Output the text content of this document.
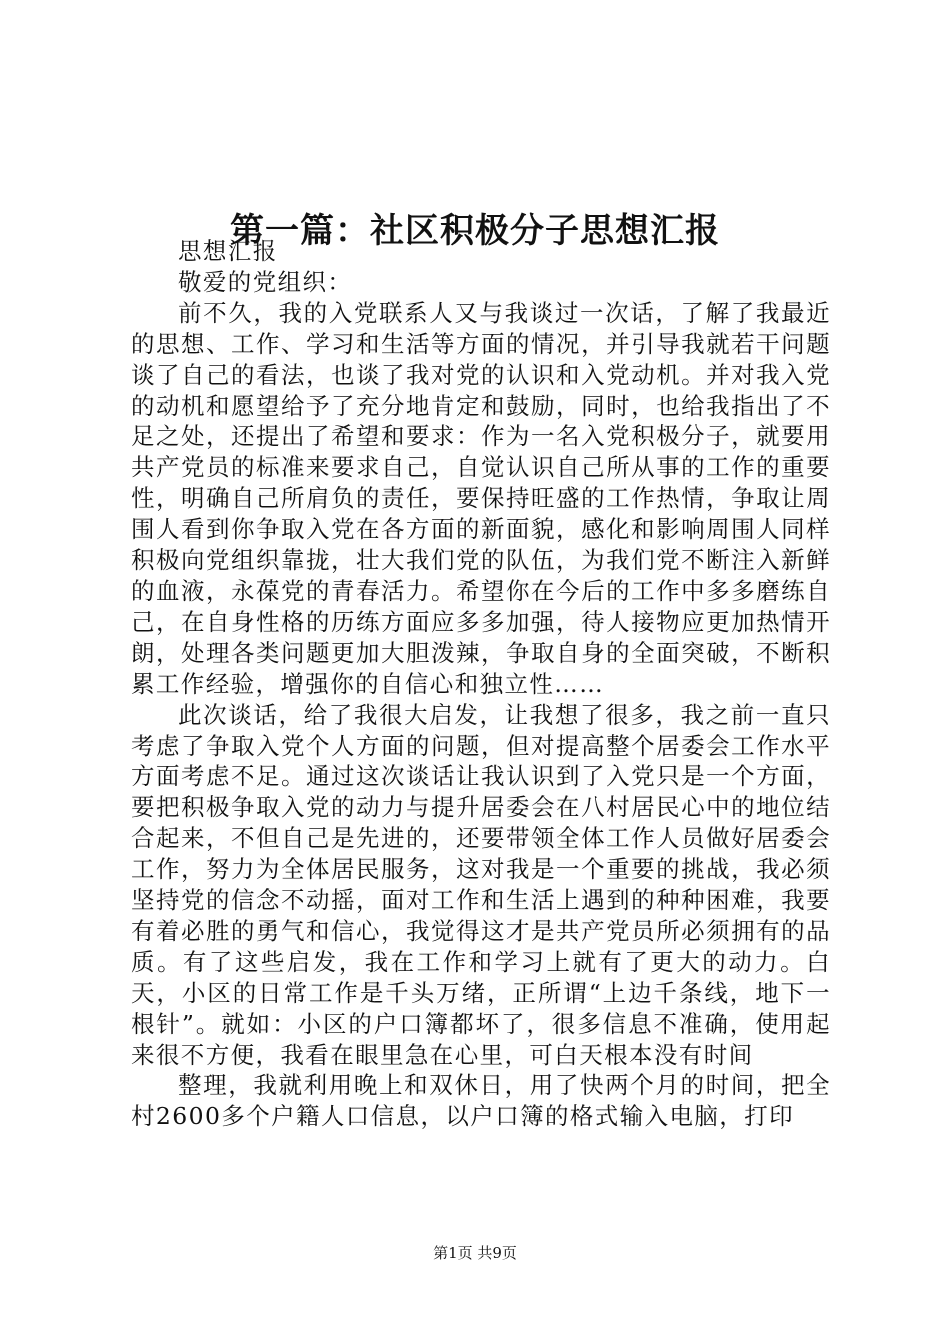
第一篇：社区积极分子思想汇报

思想汇报

敬爱的党组织：

前不久，我的入党联系人又与我谈过一次话，了解了我最近的思想、工作、学习和生活等方面的情况，并引导我就若干问题谈了自己的看法，也谈了我对党的认识和入党动机。并对我入党的动机和愿望给予了充分地肯定和鼓励，同时，也给我指出了不足之处，还提出了希望和要求：作为一名入党积极分子，就要用共产党员的标准来要求自己，自觉认识自己所从事的工作的重要性，明确自己所肩负的责任，要保持旺盛的工作热情，争取让周围人看到你争取入党在各方面的新面貌，感化和影响周围人同样积极向党组织靠拢，壮大我们党的队伍，为我们党不断注入新鲜的血液，永葆党的青春活力。希望你在今后的工作中多多磨练自己，在自身性格的历练方面应多多加强，待人接物应更加热情开朗，处理各类问题更加大胆泼辣，争取自身的全面突破，不断积累工作经验，增强你的自信心和独立性……

此次谈话，给了我很大启发，让我想了很多，我之前一直只考虑了争取入党个人方面的问题，但对提高整个居委会工作水平方面考虑不足。通过这次谈话让我认识到了入党只是一个方面，要把积极争取入党的动力与提升居委会在八村居民心中的地位结合起来，不但自己是先进的，还要带领全体工作人员做好居委会工作，努力为全体居民服务，这对我是一个重要的挑战，我必须坚持党的信念不动摇，面对工作和生活上遇到的种种困难，我要有着必胜的勇气和信心，我觉得这才是共产党员所必须拥有的品质。有了这些启发，我在工作和学习上就有了更大的动力。白天，小区的日常工作是千头万绪，正所谓“上边千条线，地下一根针”。就如：小区的户口簿都坏了，很多信息不准确，使用起来很不方便，我看在眼里急在心里，可白天根本没有时间

整理，我就利用晚上和双休日，用了快两个月的时间，把全村2600多个户籍人口信息，以户口簿的格式输入电脑，打印

第1页 共9页
